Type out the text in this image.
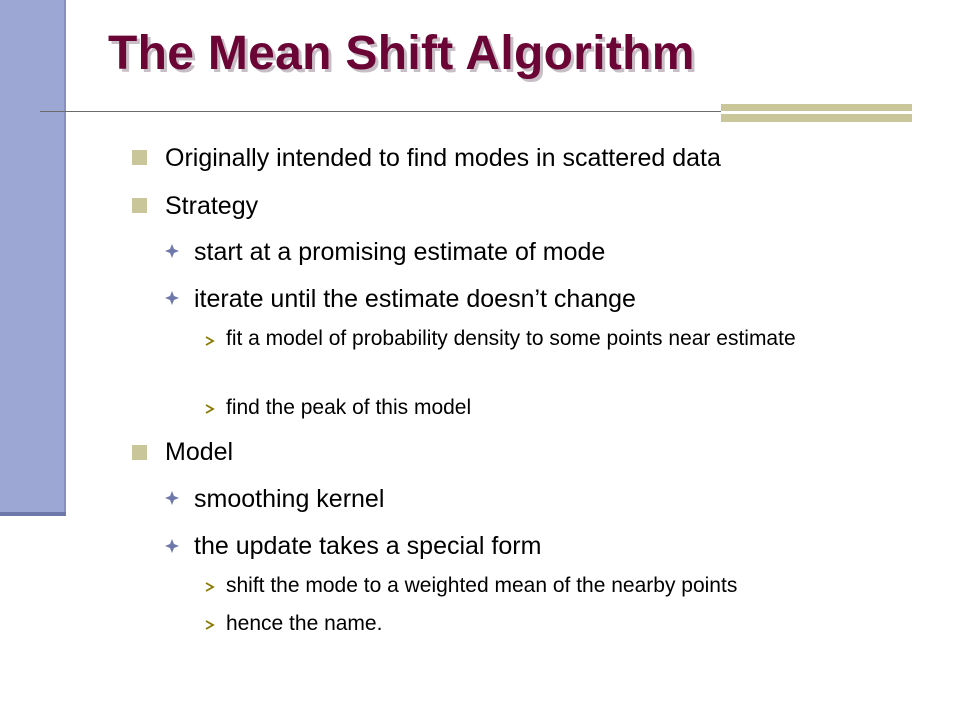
The Mean Shift Algorithm
Originally intended to find modes in scattered data
Strategy
start at a promising estimate of mode
iterate until the estimate doesn’t change
fit a model of probability density to some points near estimate
find the peak of this model
Model
smoothing kernel
the update takes a special form
shift the mode to a weighted mean of the nearby points
hence the name.
